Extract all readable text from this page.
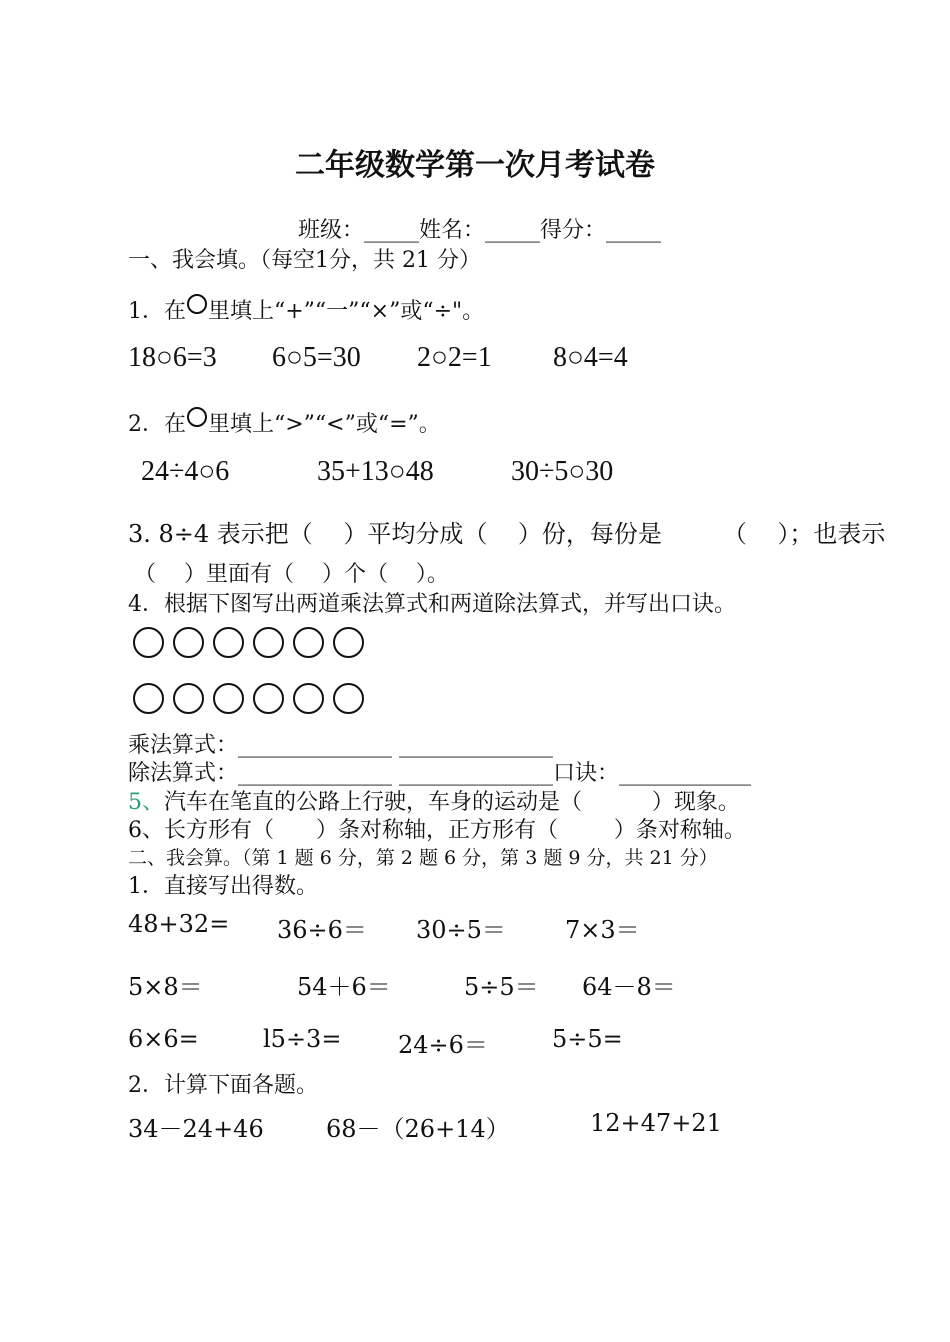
二年级数学第一次月考试卷
班级：_____姓名：_____得分：_____
一、我会填。（每空1分，共 21 分）
1．在 里填上“+”“一”“×”或“÷"。
18○6=3 6○5=30 2○2=1 8○4=4
2．在 里填上“>”“<”或“=”。
24÷4○6	35+13○48	30÷5○30
3. 8÷4 表示把（    ）平均分成（    ）份，每份是        （    ）；也表示
（    ）里面有（    ）个（    ）。
4．根据下图写出两道乘法算式和两道除法算式，并写出口诀。
乘法算式：______________ ______________
除法算式：______________ ______________口诀：____________
5、汽车在笔直的公路上行驶，车身的运动是（          ）现象。
6、长方形有（      ）条对称轴，正方形有（        ）条对称轴。
二、我会算。（第 1 题 6 分，第 2 题 6 分，第 3 题 9 分，共 21 分）
1．直接写出得数。
48+32= 36÷6＝ 30÷5＝ 7×3＝
5×8＝	54＋6＝	5÷5＝ 64－8＝
6×6=	l5÷3= 24÷6＝	5÷5=
2．计算下面各题。
34－24+46	68－（26+14）	12+47+21
